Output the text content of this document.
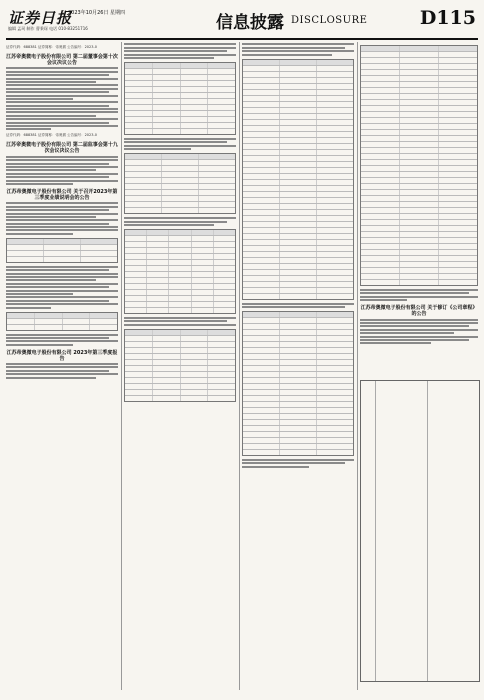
证券日报
2023年10月26日 星期四
编辑 孟珂 制作 曹秉琛 电话 010-83251716	信息披露 DISCLOSURE	D115
证券代码：688381 证券简称：帝奥微 公告编号：2023-0
江苏帝奥微电子股份有限公司 第二届董事会第十次会议决议公告
证券代码：688381 证券简称：帝奥微 公告编号：2023-0
江苏帝奥微电子股份有限公司 第二届监事会第十九次会议决议公告
江苏帝奥微电子股份有限公司 关于召开2023年第三季度业绩说明会的公告
江苏帝奥微电子股份有限公司 2023年第三季度报告
江苏帝奥微电子股份有限公司 关于修订《公司章程》的公告
